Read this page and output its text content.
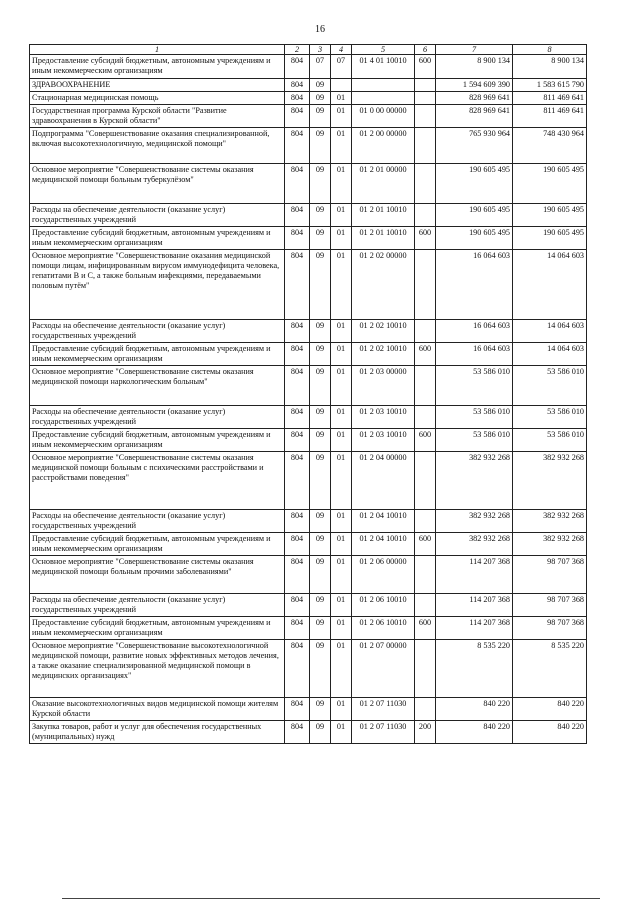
16
1	2	3	4	5	6	7	8
Предоставление субсидий бюджетным, автономным учреждениям и иным некоммерческим организациям	804	07	07	01 4 01 10010	600	8 900 134	8 900 134
ЗДРАВООХРАНЕНИЕ	804	09				1 594 609 390	1 583 615 790
Стационарная медицинская помощь	804	09	01			828 969 641	811 469 641
Государственная программа Курской области "Развитие здравоохранения в Курской области"	804	09	01	01 0 00 00000		828 969 641	811 469 641
Подпрограмма "Совершенствование оказания специализированной, включая высокотехнологичную, медицинской помощи"	804	09	01	01 2 00 00000		765 930 964	748 430 964
Основное мероприятие "Совершенствование системы оказания медицинской помощи больным туберкулёзом"	804	09	01	01 2 01 00000		190 605 495	190 605 495
Расходы на обеспечение деятельности (оказание услуг) государственных учреждений	804	09	01	01 2 01 10010		190 605 495	190 605 495
Предоставление субсидий бюджетным, автономным учреждениям и иным некоммерческим организациям	804	09	01	01 2 01 10010	600	190 605 495	190 605 495
Основное мероприятие "Совершенствование оказания медицинской помощи лицам, инфицированным вирусом иммунодефицита человека, гепатитами В и С, а также больным инфекциями, передаваемыми половым путём"	804	09	01	01 2 02 00000		16 064 603	14 064 603
Расходы на обеспечение деятельности (оказание услуг) государственных учреждений	804	09	01	01 2 02 10010		16 064 603	14 064 603
Предоставление субсидий бюджетным, автономным учреждениям и иным некоммерческим организациям	804	09	01	01 2 02 10010	600	16 064 603	14 064 603
Основное мероприятие "Совершенствование системы оказания медицинской помощи наркологическим больным"	804	09	01	01 2 03 00000		53 586 010	53 586 010
Расходы на обеспечение деятельности (оказание услуг) государственных учреждений	804	09	01	01 2 03 10010		53 586 010	53 586 010
Предоставление субсидий бюджетным, автономным учреждениям и иным некоммерческим организациям	804	09	01	01 2 03 10010	600	53 586 010	53 586 010
Основное мероприятие "Совершенствование системы оказания медицинской помощи больным с психическими расстройствами и расстройствами поведения"	804	09	01	01 2 04 00000		382 932 268	382 932 268
Расходы на обеспечение деятельности (оказание услуг) государственных учреждений	804	09	01	01 2 04 10010		382 932 268	382 932 268
Предоставление субсидий бюджетным, автономным учреждениям и иным некоммерческим организациям	804	09	01	01 2 04 10010	600	382 932 268	382 932 268
Основное мероприятие "Совершенствование системы оказания медицинской помощи больным прочими заболеваниями"	804	09	01	01 2 06 00000		114 207 368	98 707 368
Расходы на обеспечение деятельности (оказание услуг) государственных учреждений	804	09	01	01 2 06 10010		114 207 368	98 707 368
Предоставление субсидий бюджетным, автономным учреждениям и иным некоммерческим организациям	804	09	01	01 2 06 10010	600	114 207 368	98 707 368
Основное мероприятие "Совершенствование высокотехнологичной медицинской помощи, развитие новых эффективных методов лечения, а также оказание специализированной медицинской помощи в медицинских организациях"	804	09	01	01 2 07 00000		8 535 220	8 535 220
Оказание высокотехнологичных видов медицинской помощи жителям Курской области	804	09	01	01 2 07 11030		840 220	840 220
Закупка товаров, работ и услуг для обеспечения государственных (муниципальных) нужд	804	09	01	01 2 07 11030	200	840 220	840 220
